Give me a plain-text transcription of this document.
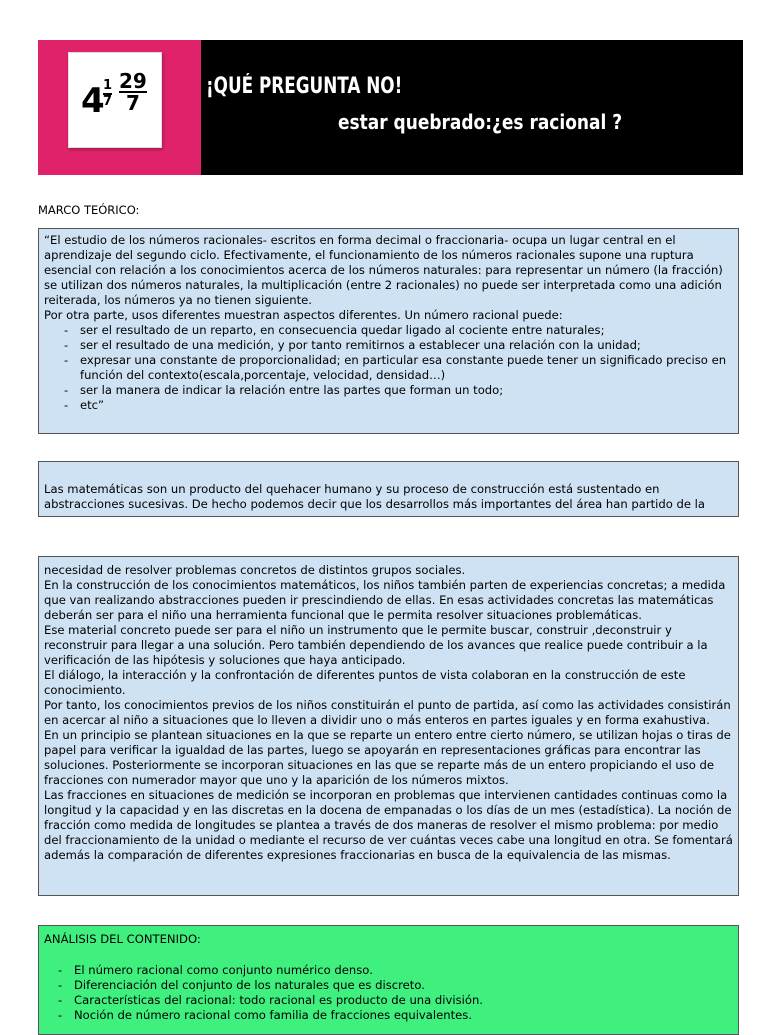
4
$\frac{1}{7} \frac{29}{7}$	¡QUÉ PREGUNTA NO!
estar quebrado:¿es racional ?
MARCO TEÓRICO:

“El estudio de los números racionales- escritos en forma decimal o fraccionaria- ocupa un lugar central en el aprendizaje del segundo ciclo. Efectivamente, el funcionamiento de los números racionales supone una ruptura esencial con relación a los conocimientos acerca de los números naturales: para representar un número (la fracción) se utilizan dos números naturales, la multiplicación (entre 2 racionales) no puede ser interpretada como una adición reiterada, los números ya no tienen siguiente.

Por otra parte, usos diferentes muestran aspectos diferentes. Un número racional puede:

- ser el resultado de un reparto, en consecuencia quedar ligado al cociente entre naturales;
- ser el resultado de una medición, y por tanto remitirnos a establecer una relación con la unidad;
- expresar una constante de proporcionalidad; en particular esa constante puede tener un significado preciso en función del contexto(escala,porcentaje, velocidad, densidad…)
- ser la manera de indicar la relación entre las partes que forman un todo;
- etc”

Las matemáticas son un producto del quehacer humano y su proceso de construcción está sustentado en abstracciones sucesivas. De hecho podemos decir que los desarrollos más importantes del área han partido de la

necesidad de resolver problemas concretos de distintos grupos sociales.

En la construcción de los conocimientos matemáticos, los niños también parten de experiencias concretas; a medida que van realizando abstracciones pueden ir prescindiendo de ellas. En esas actividades concretas las matemáticas deberán ser para el niño una herramienta funcional que le permita resolver situaciones problemáticas.

Ese material concreto puede ser para el niño un instrumento que le permite buscar, construir ,deconstruir y reconstruir para llegar a una solución. Pero también dependiendo de los avances que realice puede contribuir a la verificación de las hipótesis y soluciones que haya anticipado.

El diálogo, la interacción y la confrontación de diferentes puntos de vista colaboran en la construcción de este conocimiento.

Por tanto, los conocimientos previos de los niños constituirán el punto de partida, así como las actividades consistirán en acercar al niño a situaciones que lo lleven a dividir uno o más enteros en partes iguales y en forma exahustiva.

En un principio se plantean situaciones en la que se reparte un entero entre cierto número, se utilizan hojas o tiras de papel para verificar la igualdad de las partes, luego se apoyarán en representaciones gráficas para encontrar las soluciones. Posteriormente se incorporan situaciones en las que se reparte más de un entero propiciando el uso de fracciones con numerador mayor que uno y la aparición de los números mixtos.

Las fracciones en situaciones de medición se incorporan en problemas que intervienen cantidades continuas como la longitud y la capacidad y en las discretas en la docena de empanadas o los días de un mes (estadística). La noción de fracción como medida de longitudes se plantea a través de dos maneras de resolver el mismo problema: por medio del fraccionamiento de la unidad o mediante el recurso de ver cuántas veces cabe una longitud en otra. Se fomentará además la comparación de diferentes expresiones fraccionarias en busca de la equivalencia de las mismas.

ANÁLISIS DEL CONTENIDO:

- El número racional como conjunto numérico denso.
- Diferenciación del conjunto de los naturales que es discreto.
- Características del racional: todo racional es producto de una división.
- Noción de número racional como familia de fracciones equivalentes.
